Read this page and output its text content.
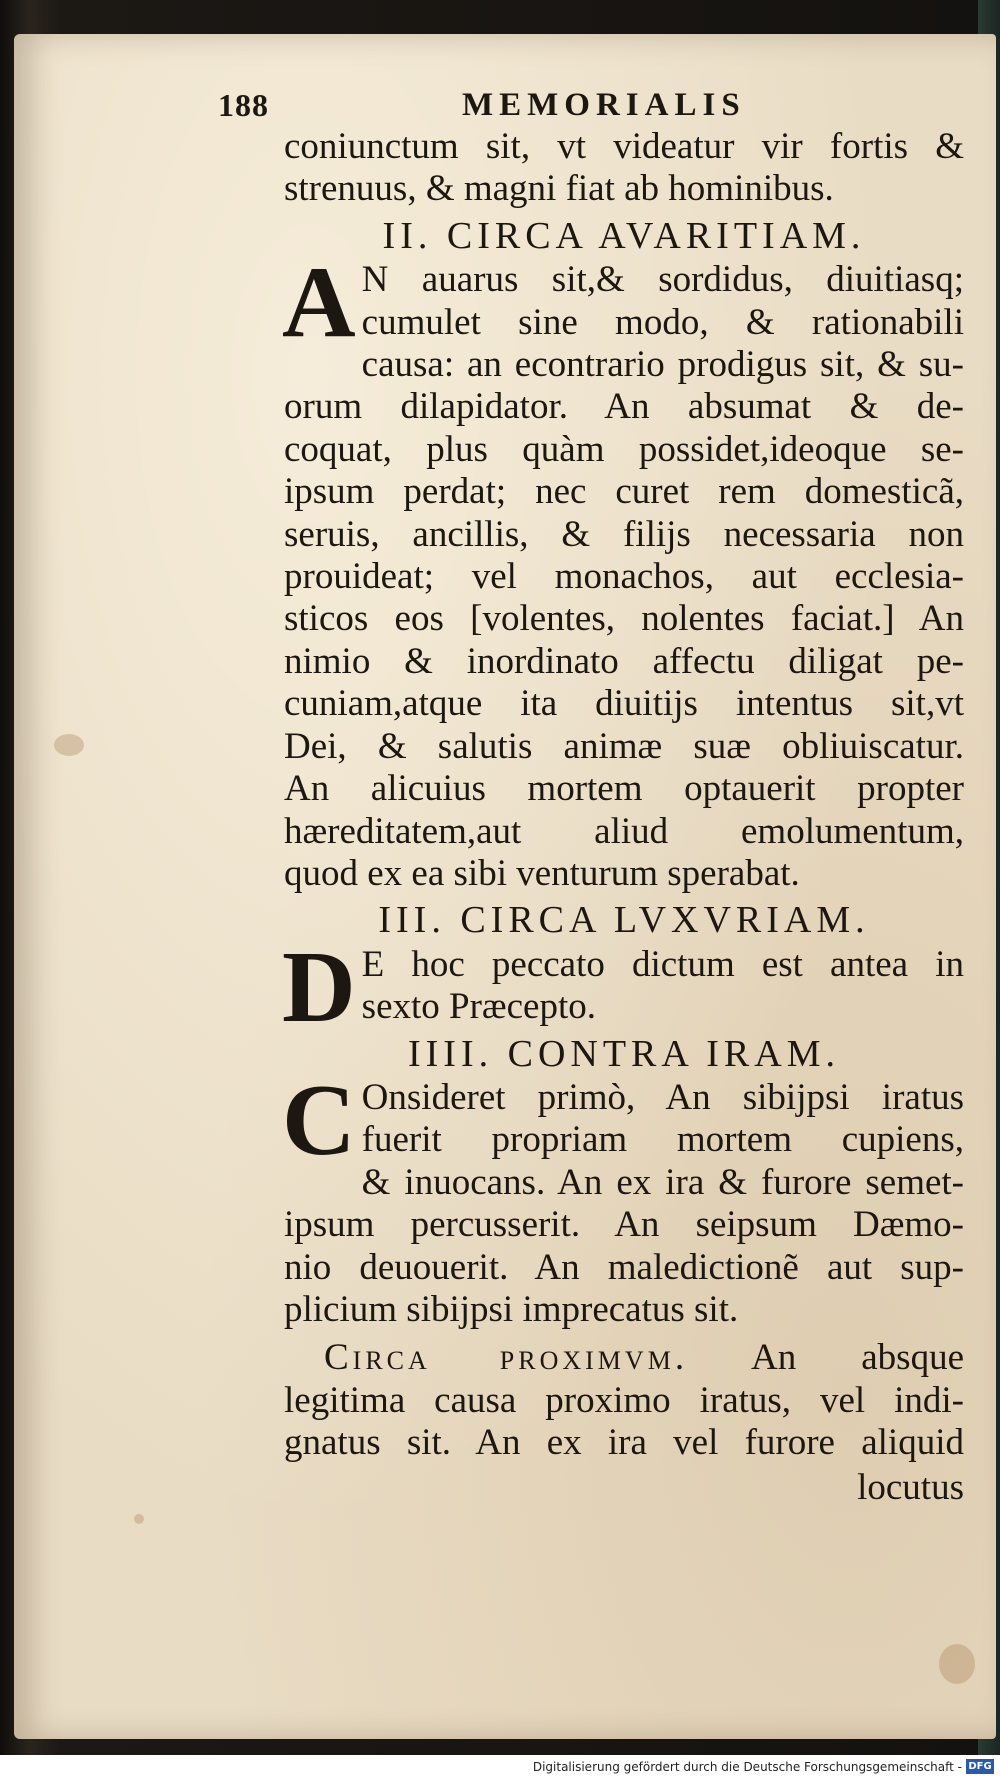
188	MEMORIALIS
coniunctum sit, vt videatur vir fortis &
strenuus, & magni fiat ab hominibus.
II. CIRCA AVARITIAM.
A N auarus sit,& sordidus, diuitiasq;
cumulet sine modo, & rationabili
causa: an econtrario prodigus sit, & su-
orum dilapidator. An absumat & de-
coquat, plus quàm possidet,ideoque se-
ipsum perdat; nec curet rem domesticã,
seruis, ancillis, & filijs necessaria non
prouideat; vel monachos, aut ecclesia-
sticos eos [volentes, nolentes faciat.] An
nimio & inordinato affectu diligat pe-
cuniam,atque ita diuitijs intentus sit,vt
Dei, & salutis animæ suæ obliuiscatur.
An alicuius mortem optauerit propter
hæreditatem,aut aliud emolumentum,
quod ex ea sibi venturum sperabat.
III. CIRCA LVXVRIAM.
D E hoc peccato dictum est antea in
sexto Præcepto.
IIII. CONTRA IRAM.
C Onsideret primò, An sibijpsi iratus
fuerit propriam mortem cupiens,
& inuocans. An ex ira & furore semet-
ipsum percusserit. An seipsum Dæmo-
nio deuouerit. An maledictionẽ aut sup-
plicium sibijpsi imprecatus sit.
Circa proximvm. An absque
legitima causa proximo iratus, vel indi-
gnatus sit. An ex ira vel furore aliquid
locutus
Digitalisierung gefördert durch die Deutsche Forschungsgemeinschaft - DFG
